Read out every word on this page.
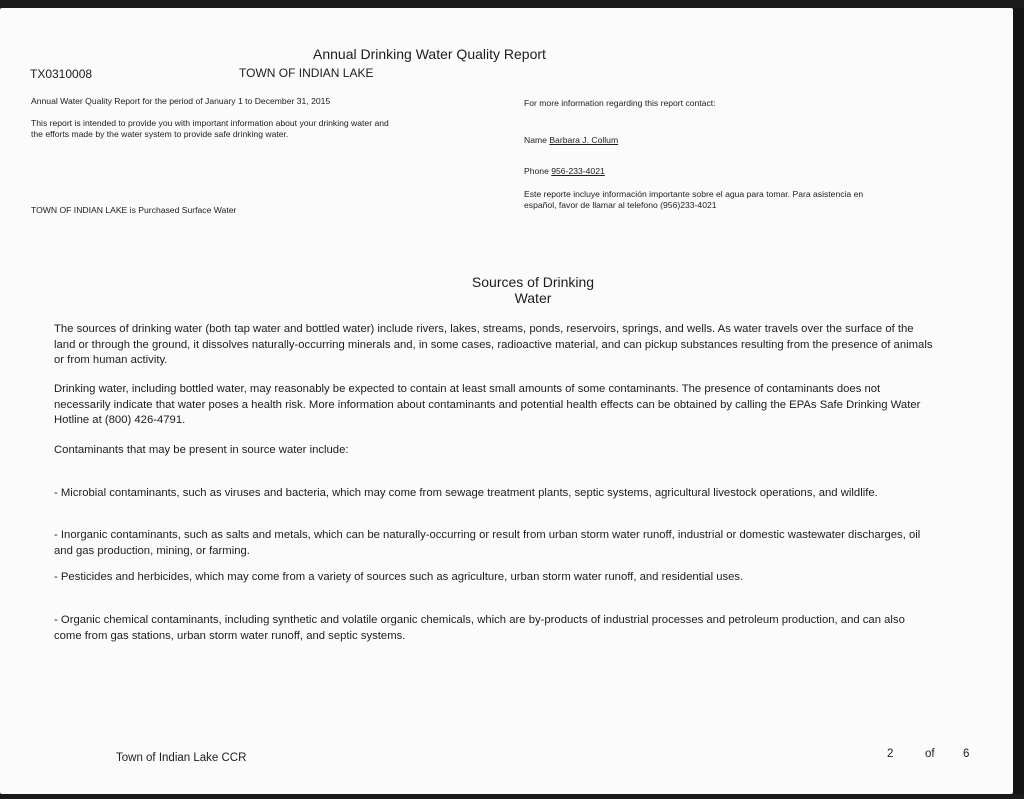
Annual Drinking Water Quality Report
TX0310008	TOWN OF INDIAN LAKE
Annual Water Quality Report for the period of January 1 to December 31, 2015
This report is intended to provide you with important information about your drinking water and the efforts made by the water system to provide safe drinking water.
TOWN OF INDIAN LAKE is Purchased Surface Water
For more information regarding this report contact:
Name Barbara J. Collum
Phone 956-233-4021
Este reporte incluye información importante sobre el agua para tomar. Para asistencia en español, favor de llamar al telefono (956)233-4021
Sources of Drinking
Water
The sources of drinking water (both tap water and bottled water) include rivers, lakes, streams, ponds, reservoirs, springs, and wells. As water travels over the surface of the land or through the ground, it dissolves naturally-occurring minerals and, in some cases, radioactive material, and can pickup substances resulting from the presence of animals or from human activity.
Drinking water, including bottled water, may reasonably be expected to contain at least small amounts of some contaminants. The presence of contaminants does not necessarily indicate that water poses a health risk. More information about contaminants and potential health effects can be obtained by calling the EPAs Safe Drinking Water Hotline at (800) 426-4791.
Contaminants that may be present in source water include:
- Microbial contaminants, such as viruses and bacteria, which may come from sewage treatment plants, septic systems, agricultural livestock operations, and wildlife.
- Inorganic contaminants, such as salts and metals, which can be naturally-occurring or result from urban storm water runoff, industrial or domestic wastewater discharges, oil and gas production, mining, or farming.
- Pesticides and herbicides, which may come from a variety of sources such as agriculture, urban storm water runoff, and residential uses.
- Organic chemical contaminants, including synthetic and volatile organic chemicals, which are by-products of industrial processes and petroleum production, and can also come from gas stations, urban storm water runoff, and septic systems.
Town of Indian Lake CCR	2	of 6
